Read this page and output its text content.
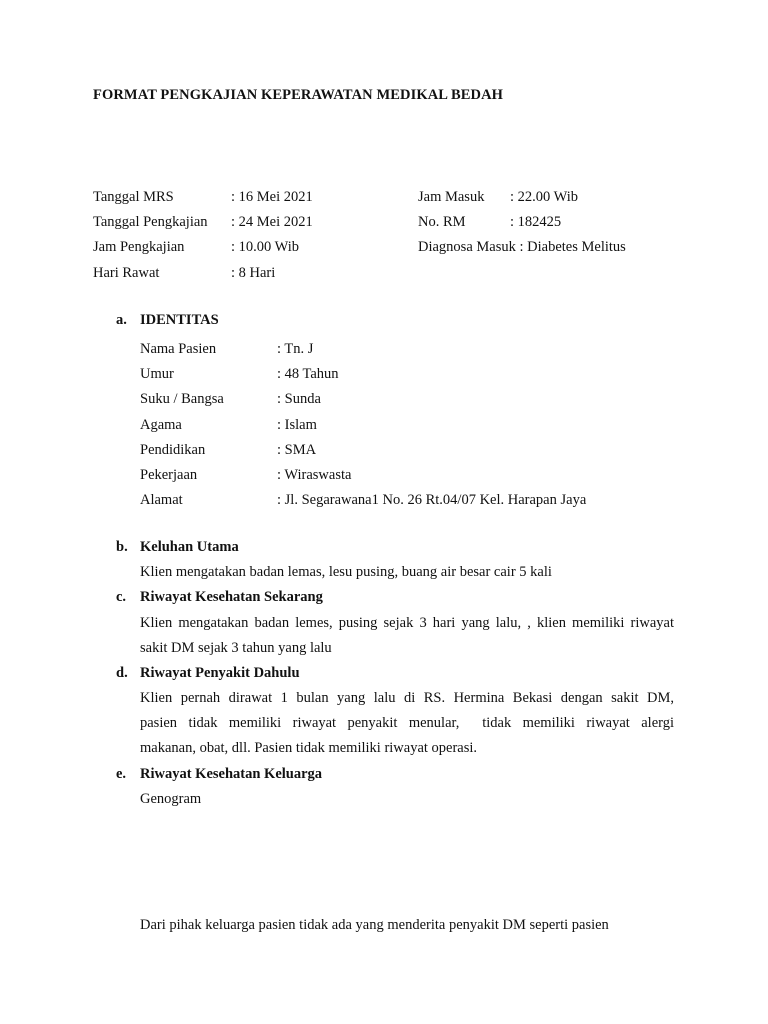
FORMAT PENGKAJIAN KEPERAWATAN MEDIKAL BEDAH
Tanggal MRS	: 16 Mei 2021	Jam Masuk : 22.00 Wib
Tanggal Pengkajian : 24 Mei 2021	No. RM	: 182425
Jam Pengkajian	: 10.00 Wib	Diagnosa Masuk : Diabetes Melitus
Hari Rawat	: 8 Hari
a. IDENTITAS
Nama Pasien	: Tn. J
Umur	: 48 Tahun
Suku / Bangsa	: Sunda
Agama	: Islam
Pendidikan	: SMA
Pekerjaan	: Wiraswasta
Alamat	: Jl. Segarawana1 No. 26 Rt.04/07 Kel. Harapan Jaya
b. Keluhan Utama
Klien mengatakan badan lemas, lesu pusing, buang air besar cair 5 kali
c. Riwayat Kesehatan Sekarang
Klien mengatakan badan lemes, pusing sejak 3 hari yang lalu, , klien memiliki riwayat
sakit DM sejak 3 tahun yang lalu
d. Riwayat Penyakit Dahulu
Klien pernah dirawat 1 bulan yang lalu di RS. Hermina Bekasi dengan sakit DM,
pasien tidak memiliki riwayat penyakit menular,  tidak memiliki riwayat alergi
makanan, obat, dll. Pasien tidak memiliki riwayat operasi.
e. Riwayat Kesehatan Keluarga
Genogram
Dari pihak keluarga pasien tidak ada yang menderita penyakit DM seperti pasien
